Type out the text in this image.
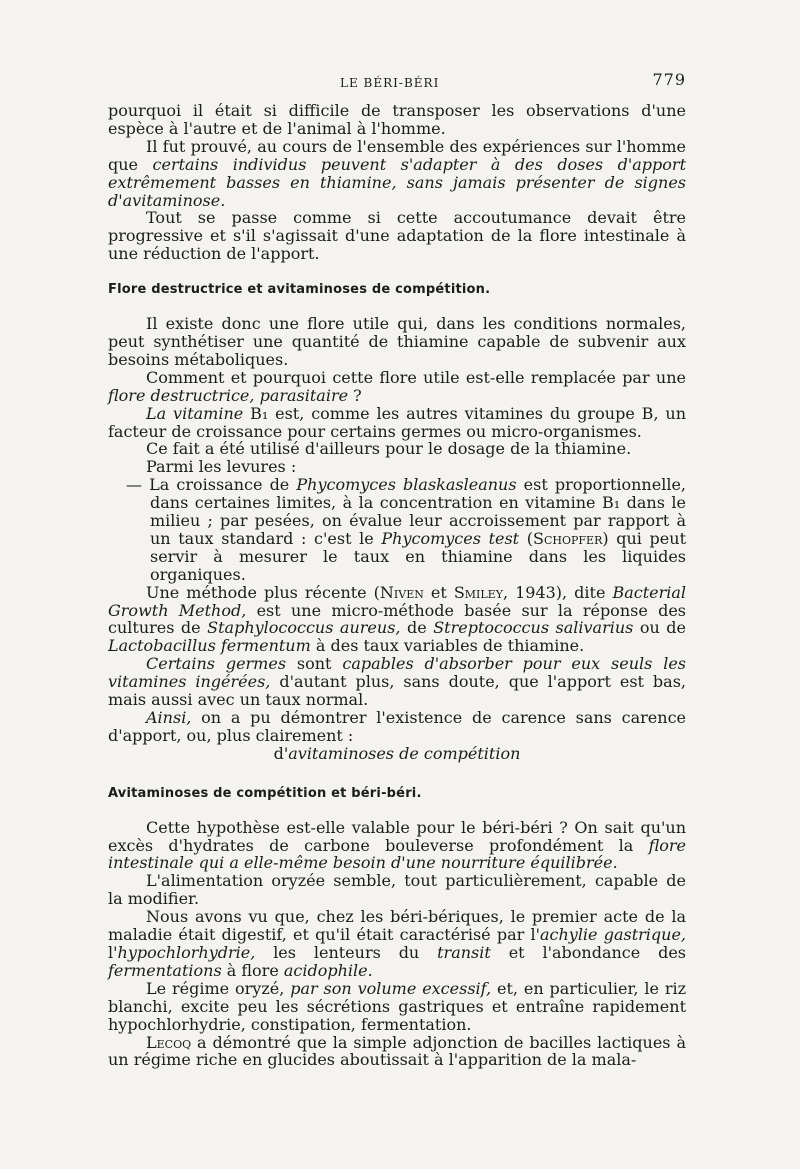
LE BÉRI-BÉRI	779

pourquoi il était si difficile de transposer les observations d'une espèce à l'autre et de l'animal à l'homme.

Il fut prouvé, au cours de l'ensemble des expériences sur l'homme que certains individus peuvent s'adapter à des doses d'apport extrêmement basses en thiamine, sans jamais présenter de signes d'avitaminose.

Tout se passe comme si cette accoutumance devait être progressive et s'il s'agissait d'une adaptation de la flore intestinale à une réduction de l'apport.

Flore destructrice et avitaminoses de compétition.

Il existe donc une flore utile qui, dans les conditions normales, peut synthétiser une quantité de thiamine capable de subvenir aux besoins métaboliques.

Comment et pourquoi cette flore utile est-elle remplacée par une flore destructrice, parasitaire ?

La vitamine B₁ est, comme les autres vitamines du groupe B, un facteur de croissance pour certains germes ou micro-organismes.

Ce fait a été utilisé d'ailleurs pour le dosage de la thiamine.

Parmi les levures :

— La croissance de Phycomyces blaskasleanus est proportionnelle, dans certaines limites, à la concentration en vitamine B₁ dans le milieu ; par pesées, on évalue leur accroissement par rapport à un taux standard : c'est le Phycomyces test (Schopfer) qui peut servir à mesurer le taux en thiamine dans les liquides organiques.

Une méthode plus récente (Niven et Smiley, 1943), dite Bacterial Growth Method, est une micro-méthode basée sur la réponse des cultures de Staphylococcus aureus, de Streptococcus salivarius ou de Lactobacillus fermentum à des taux variables de thiamine.

Certains germes sont capables d'absorber pour eux seuls les vitamines ingérées, d'autant plus, sans doute, que l'apport est bas, mais aussi avec un taux normal.

Ainsi, on a pu démontrer l'existence de carence sans carence d'apport, ou, plus clairement :

d'avitaminoses de compétition

Avitaminoses de compétition et béri-béri.

Cette hypothèse est-elle valable pour le béri-béri ? On sait qu'un excès d'hydrates de carbone bouleverse profondément la flore intestinale qui a elle-même besoin d'une nourriture équilibrée.

L'alimentation oryzée semble, tout particulièrement, capable de la modifier.

Nous avons vu que, chez les béri-bériques, le premier acte de la maladie était digestif, et qu'il était caractérisé par l'achylie gastrique, l'hypochlorhydrie, les lenteurs du transit et l'abondance des fermentations à flore acidophile.

Le régime oryzé, par son volume excessif, et, en particulier, le riz blanchi, excite peu les sécrétions gastriques et entraîne rapidement hypochlorhydrie, constipation, fermentation.

Lecoq a démontré que la simple adjonction de bacilles lactiques à un régime riche en glucides aboutissait à l'apparition de la mala-
